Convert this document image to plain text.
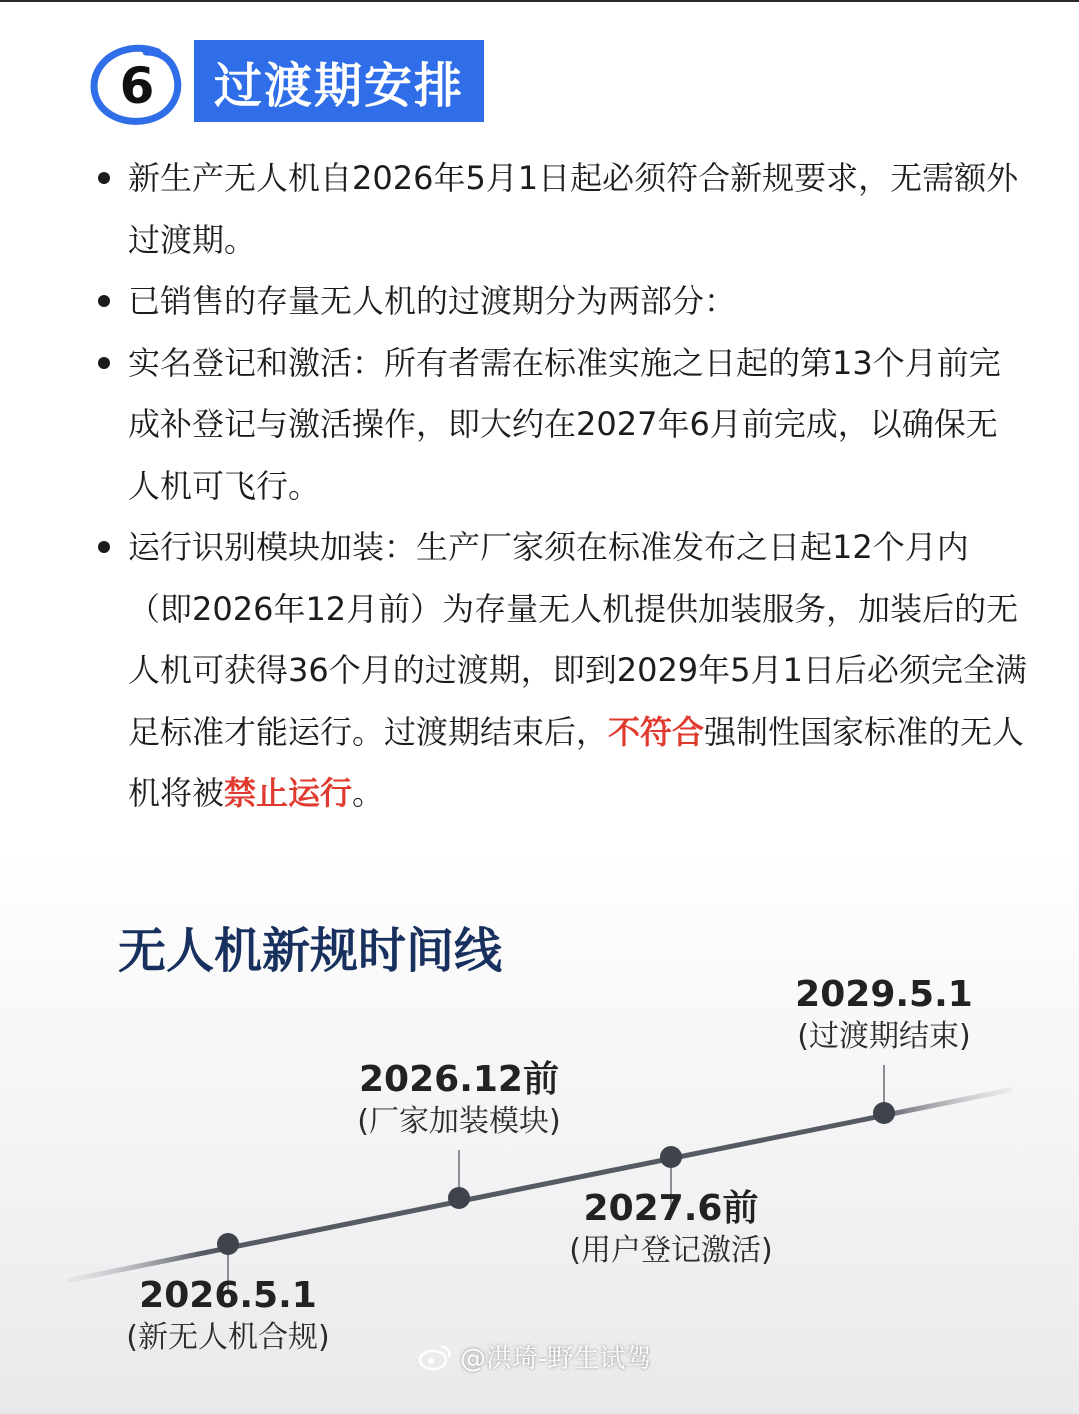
6	过渡期安排
新生产无人机自2026年5月1日起必须符合新规要求，无需额外过渡期。
已销售的存量无人机的过渡期分为两部分：
实名登记和激活：所有者需在标准实施之日起的第13个月前完成补登记与激活操作，即大约在2027年6月前完成，以确保无人机可飞行。
运行识别模块加装：生产厂家须在标准发布之日起12个月内（即2026年12月前）为存量无人机提供加装服务，加装后的无人机可获得36个月的过渡期，即到2029年5月1日后必须完全满足标准才能运行。过渡期结束后，不符合强制性国家标准的无人机将被禁止运行。
无人机新规时间线
2026.5.1
(新无人机合规)
2026.12前
(厂家加装模块)
2027.6前
(用户登记激活)
2029.5.1
(过渡期结束)
@洪琦-野生试驾
